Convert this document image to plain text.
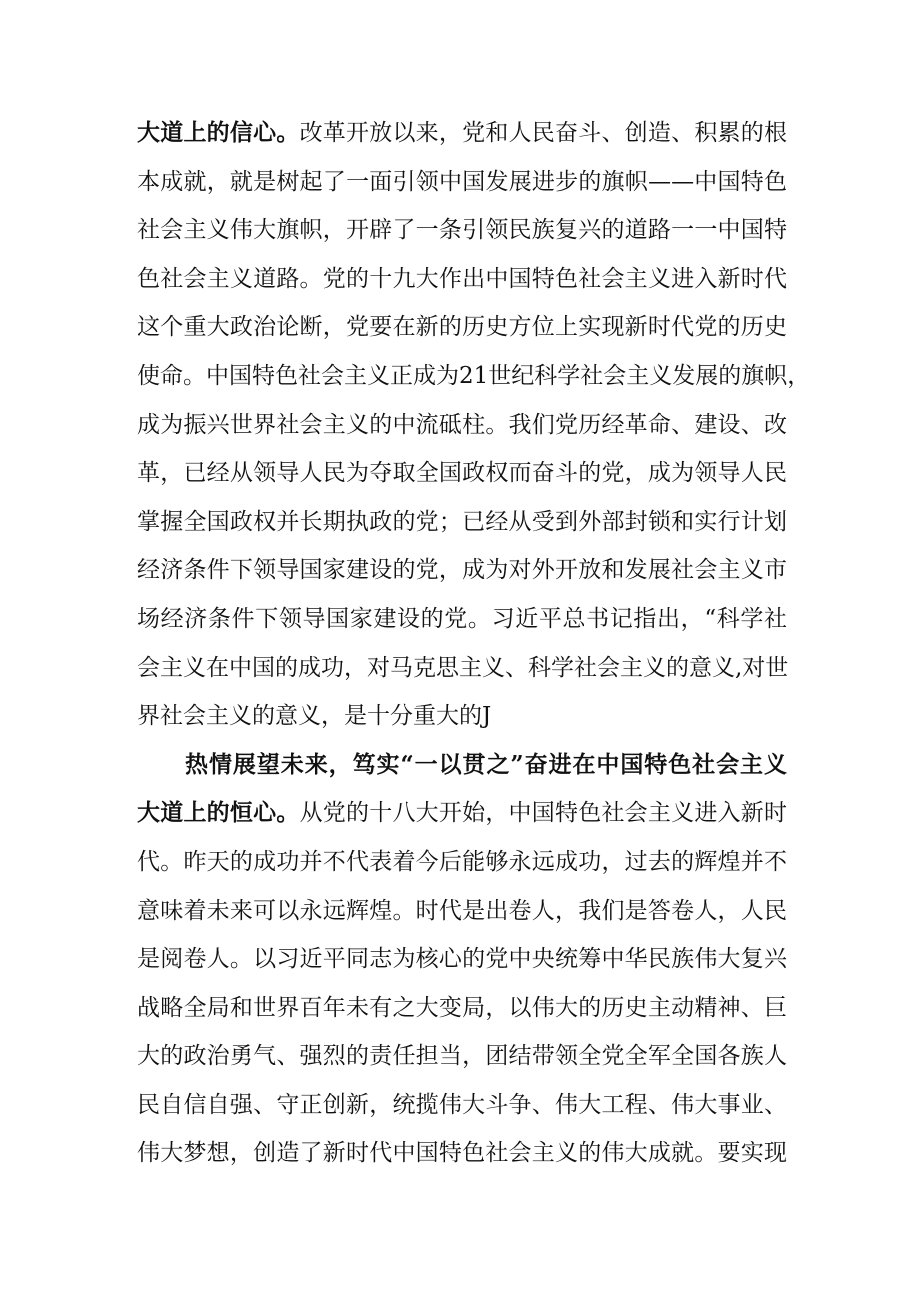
大道上的信心。改革开放以来，党和人民奋斗、创造、积累的根
本成就，就是树起了一面引领中国发展进步的旗帜——中国特色
社会主义伟大旗帜，开辟了一条引领民族复兴的道路一一中国特
色社会主义道路。党的十九大作出中国特色社会主义进入新时代
这个重大政治论断，党要在新的历史方位上实现新时代党的历史
使命。中国特色社会主义正成为21世纪科学社会主义发展的旗帜，
成为振兴世界社会主义的中流砥柱。我们党历经革命、建设、改
革，已经从领导人民为夺取全国政权而奋斗的党，成为领导人民
掌握全国政权并长期执政的党；已经从受到外部封锁和实行计划
经济条件下领导国家建设的党，成为对外开放和发展社会主义市
场经济条件下领导国家建设的党。习近平总书记指出，“科学社
会主义在中国的成功，对马克思主义、科学社会主义的意义,对世
界社会主义的意义，是十分重大的J
热情展望未来，笃实“一以贯之”奋进在中国特色社会主义
大道上的恒心。从党的十八大开始，中国特色社会主义进入新时
代。昨天的成功并不代表着今后能够永远成功，过去的辉煌并不
意味着未来可以永远辉煌。时代是出卷人，我们是答卷人，人民
是阅卷人。以习近平同志为核心的党中央统筹中华民族伟大复兴
战略全局和世界百年未有之大变局，以伟大的历史主动精神、巨
大的政治勇气、强烈的责任担当，团结带领全党全军全国各族人
民自信自强、守正创新，统揽伟大斗争、伟大工程、伟大事业、
伟大梦想，创造了新时代中国特色社会主义的伟大成就。要实现
